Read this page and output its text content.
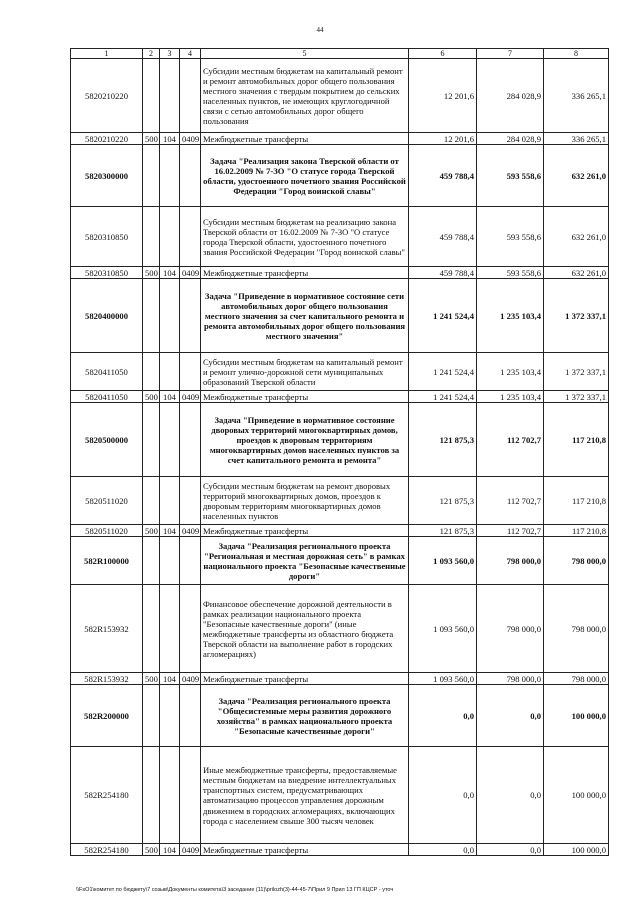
44
1	2	3	4	5	6	7	8
5820210220				Субсидии местным бюджетам на капитальный ремонт и ремонт автомобильных дорог общего пользования местного значения с твердым покрытием до сельских населенных пунктов, не имеющих круглогодичной связи с сетью автомобильных дорог общего пользования	12 201,6	284 028,9	336 265,1
5820210220	500	104	0409	Межбюджетные трансферты	12 201,6	284 028,9	336 265,1
5820300000				Задача "Реализация закона Тверской области от 16.02.2009 № 7-ЗО "О статусе города Тверской области, удостоенного почетного звания Российской Федерации "Город воинской славы"	459 788,4	593 558,6	632 261,0
5820310850				Субсидии местным бюджетам на реализацию закона Тверской области от 16.02.2009 № 7-ЗО "О статусе города Тверской области, удостоенного почетного звания Российской Федерации "Город воинской славы"	459 788,4	593 558,6	632 261,0
5820310850	500	104	0409	Межбюджетные трансферты	459 788,4	593 558,6	632 261,0
5820400000				Задача "Приведение в нормативное состояние сети автомобильных дорог общего пользования местного значения за счет капитального ремонта и ремонта автомобильных дорог общего пользования местного значения"	1 241 524,4	1 235 103,4	1 372 337,1
5820411050				Субсидии местным бюджетам на капитальный ремонт и ремонт улично-дорожной сети муниципальных образований Тверской области	1 241 524,4	1 235 103,4	1 372 337,1
5820411050	500	104	0409	Межбюджетные трансферты	1 241 524,4	1 235 103,4	1 372 337,1
5820500000				Задача "Приведение в нормативное состояние дворовых территорий многоквартирных домов, проездов к дворовым территориям многоквартирных домов населенных пунктов за счет капитального ремонта и ремонта"	121 875,3	112 702,7	117 210,8
5820511020				Субсидии местным бюджетам на ремонт дворовых территорий многоквартирных домов, проездов к дворовым территориям многоквартирных домов населенных пунктов	121 875,3	112 702,7	117 210,8
5820511020	500	104	0409	Межбюджетные трансферты	121 875,3	112 702,7	117 210,8
582R100000				Задача "Реализация регионального проекта "Региональная и местная дорожная сеть" в рамках национального проекта "Безопасные качественные дороги"	1 093 560,0	798 000,0	798 000,0
582R153932				Финансовое обеспечение дорожной деятельности в рамках реализации национального проекта "Безопасные качественные дороги" (иные межбюджетные трансферты из областного бюджета Тверской области на выполнение работ в городских агломерациях)	1 093 560,0	798 000,0	798 000,0
582R153932	500	104	0409	Межбюджетные трансферты	1 093 560,0	798 000,0	798 000,0
582R200000				Задача "Реализация регионального проекта "Общесистемные меры развития дорожного хозяйства" в рамках национального проекта "Безопасные качественные дороги"	0,0	0,0	100 000,0
582R254180				Иные межбюджетные трансферты, предоставляемые местным бюджетам на внедрение интеллектуальных транспортных систем, предусматривающих автоматизацию процессов управления дорожным движением в городских агломерациях, включающих города с населением свыше 300 тысяч человек	0,0	0,0	100 000,0
582R254180	500	104	0409	Межбюджетные трансферты	0,0	0,0	100 000,0
\\FsO1\комитет по бюджету\7 созыв\Документы комитета\3 заседание (11)\prilozh(3)-44-45-7\Прил 9 Прил 13 ГП КЦСР - уточ
